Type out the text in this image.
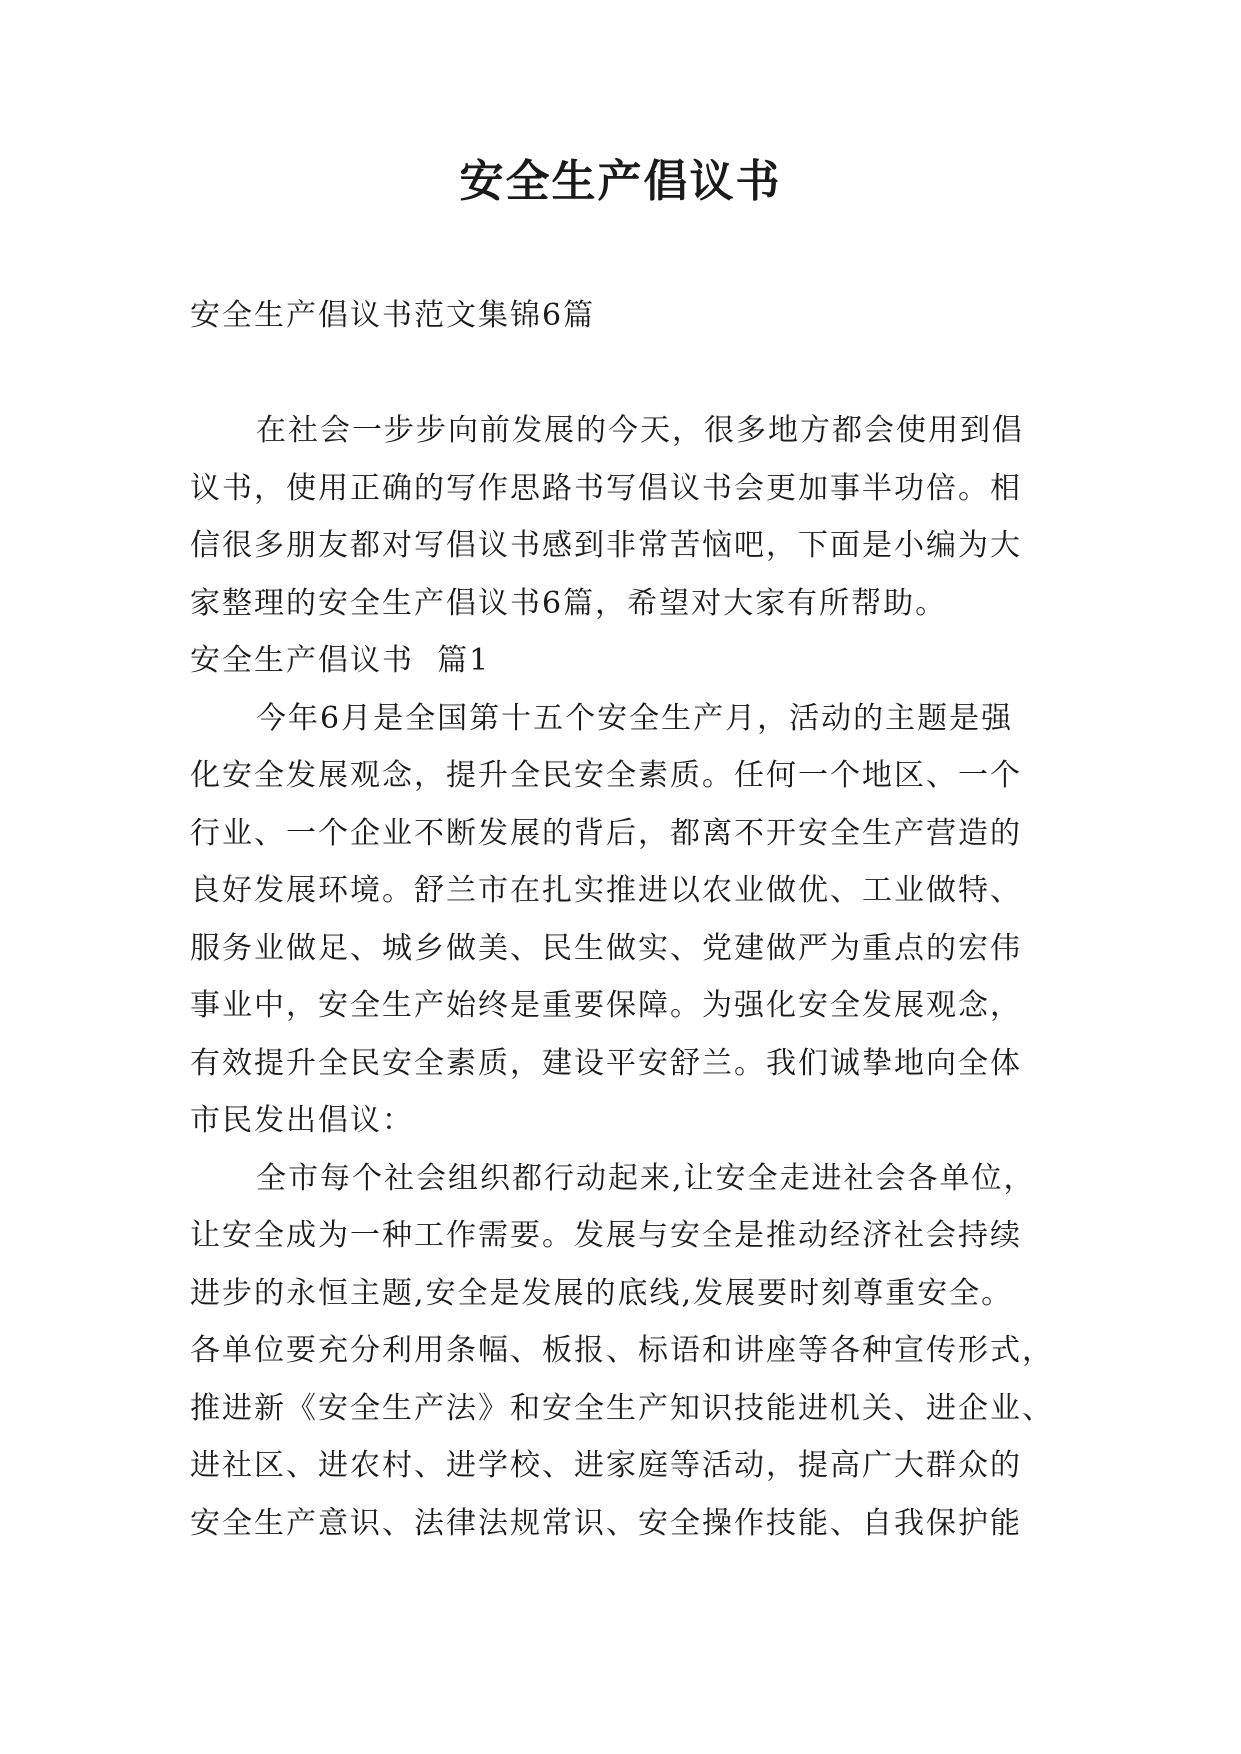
安全生产倡议书
安全生产倡议书范文集锦6篇
在社会一步步向前发展的今天，很多地方都会使用到倡
议书，使用正确的写作思路书写倡议书会更加事半功倍。相
信很多朋友都对写倡议书感到非常苦恼吧，下面是小编为大
家整理的安全生产倡议书6篇，希望对大家有所帮助。
安全生产倡议书  篇1
今年6月是全国第十五个安全生产月，活动的主题是强
化安全发展观念，提升全民安全素质。任何一个地区、一个
行业、一个企业不断发展的背后，都离不开安全生产营造的
良好发展环境。舒兰市在扎实推进以农业做优、工业做特、
服务业做足、城乡做美、民生做实、党建做严为重点的宏伟
事业中，安全生产始终是重要保障。为强化安全发展观念，
有效提升全民安全素质，建设平安舒兰。我们诚挚地向全体
市民发出倡议：
全市每个社会组织都行动起来,让安全走进社会各单位，
让安全成为一种工作需要。发展与安全是推动经济社会持续
进步的永恒主题,安全是发展的底线,发展要时刻尊重安全。
各单位要充分利用条幅、板报、标语和讲座等各种宣传形式，
推进新《安全生产法》和安全生产知识技能进机关、进企业、
进社区、进农村、进学校、进家庭等活动，提高广大群众的
安全生产意识、法律法规常识、安全操作技能、自我保护能
